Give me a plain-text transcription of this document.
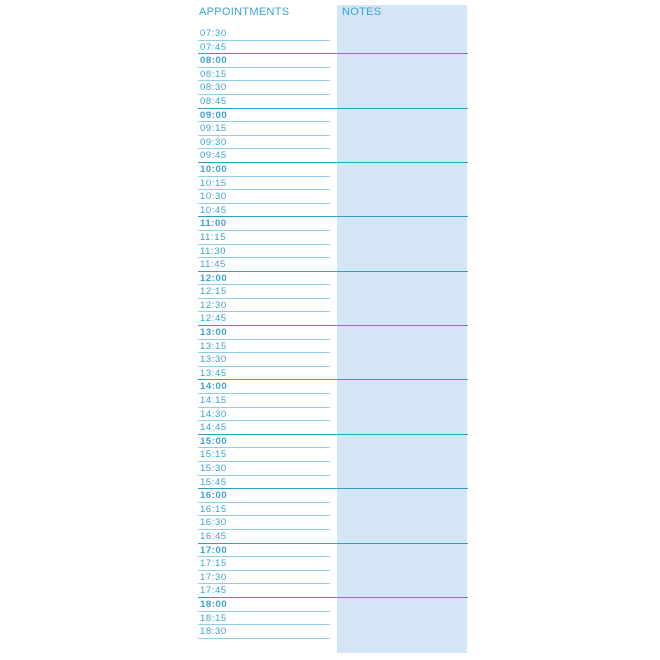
APPOINTMENTS	NOTES
07:30
07:45
08:00
08:15
08:30
08:45
09:00
09:15
09:30
09:45
10:00
10:15
10:30
10:45
11:00
11:15
11:30
11:45
12:00
12:15
12:30
12:45
13:00
13:15
13:30
13:45
14:00
14:15
14:30
14:45
15:00
15:15
15:30
15:45
16:00
16:15
16:30
16:45
17:00
17:15
17:30
17:45
18:00
18:15
18:30
